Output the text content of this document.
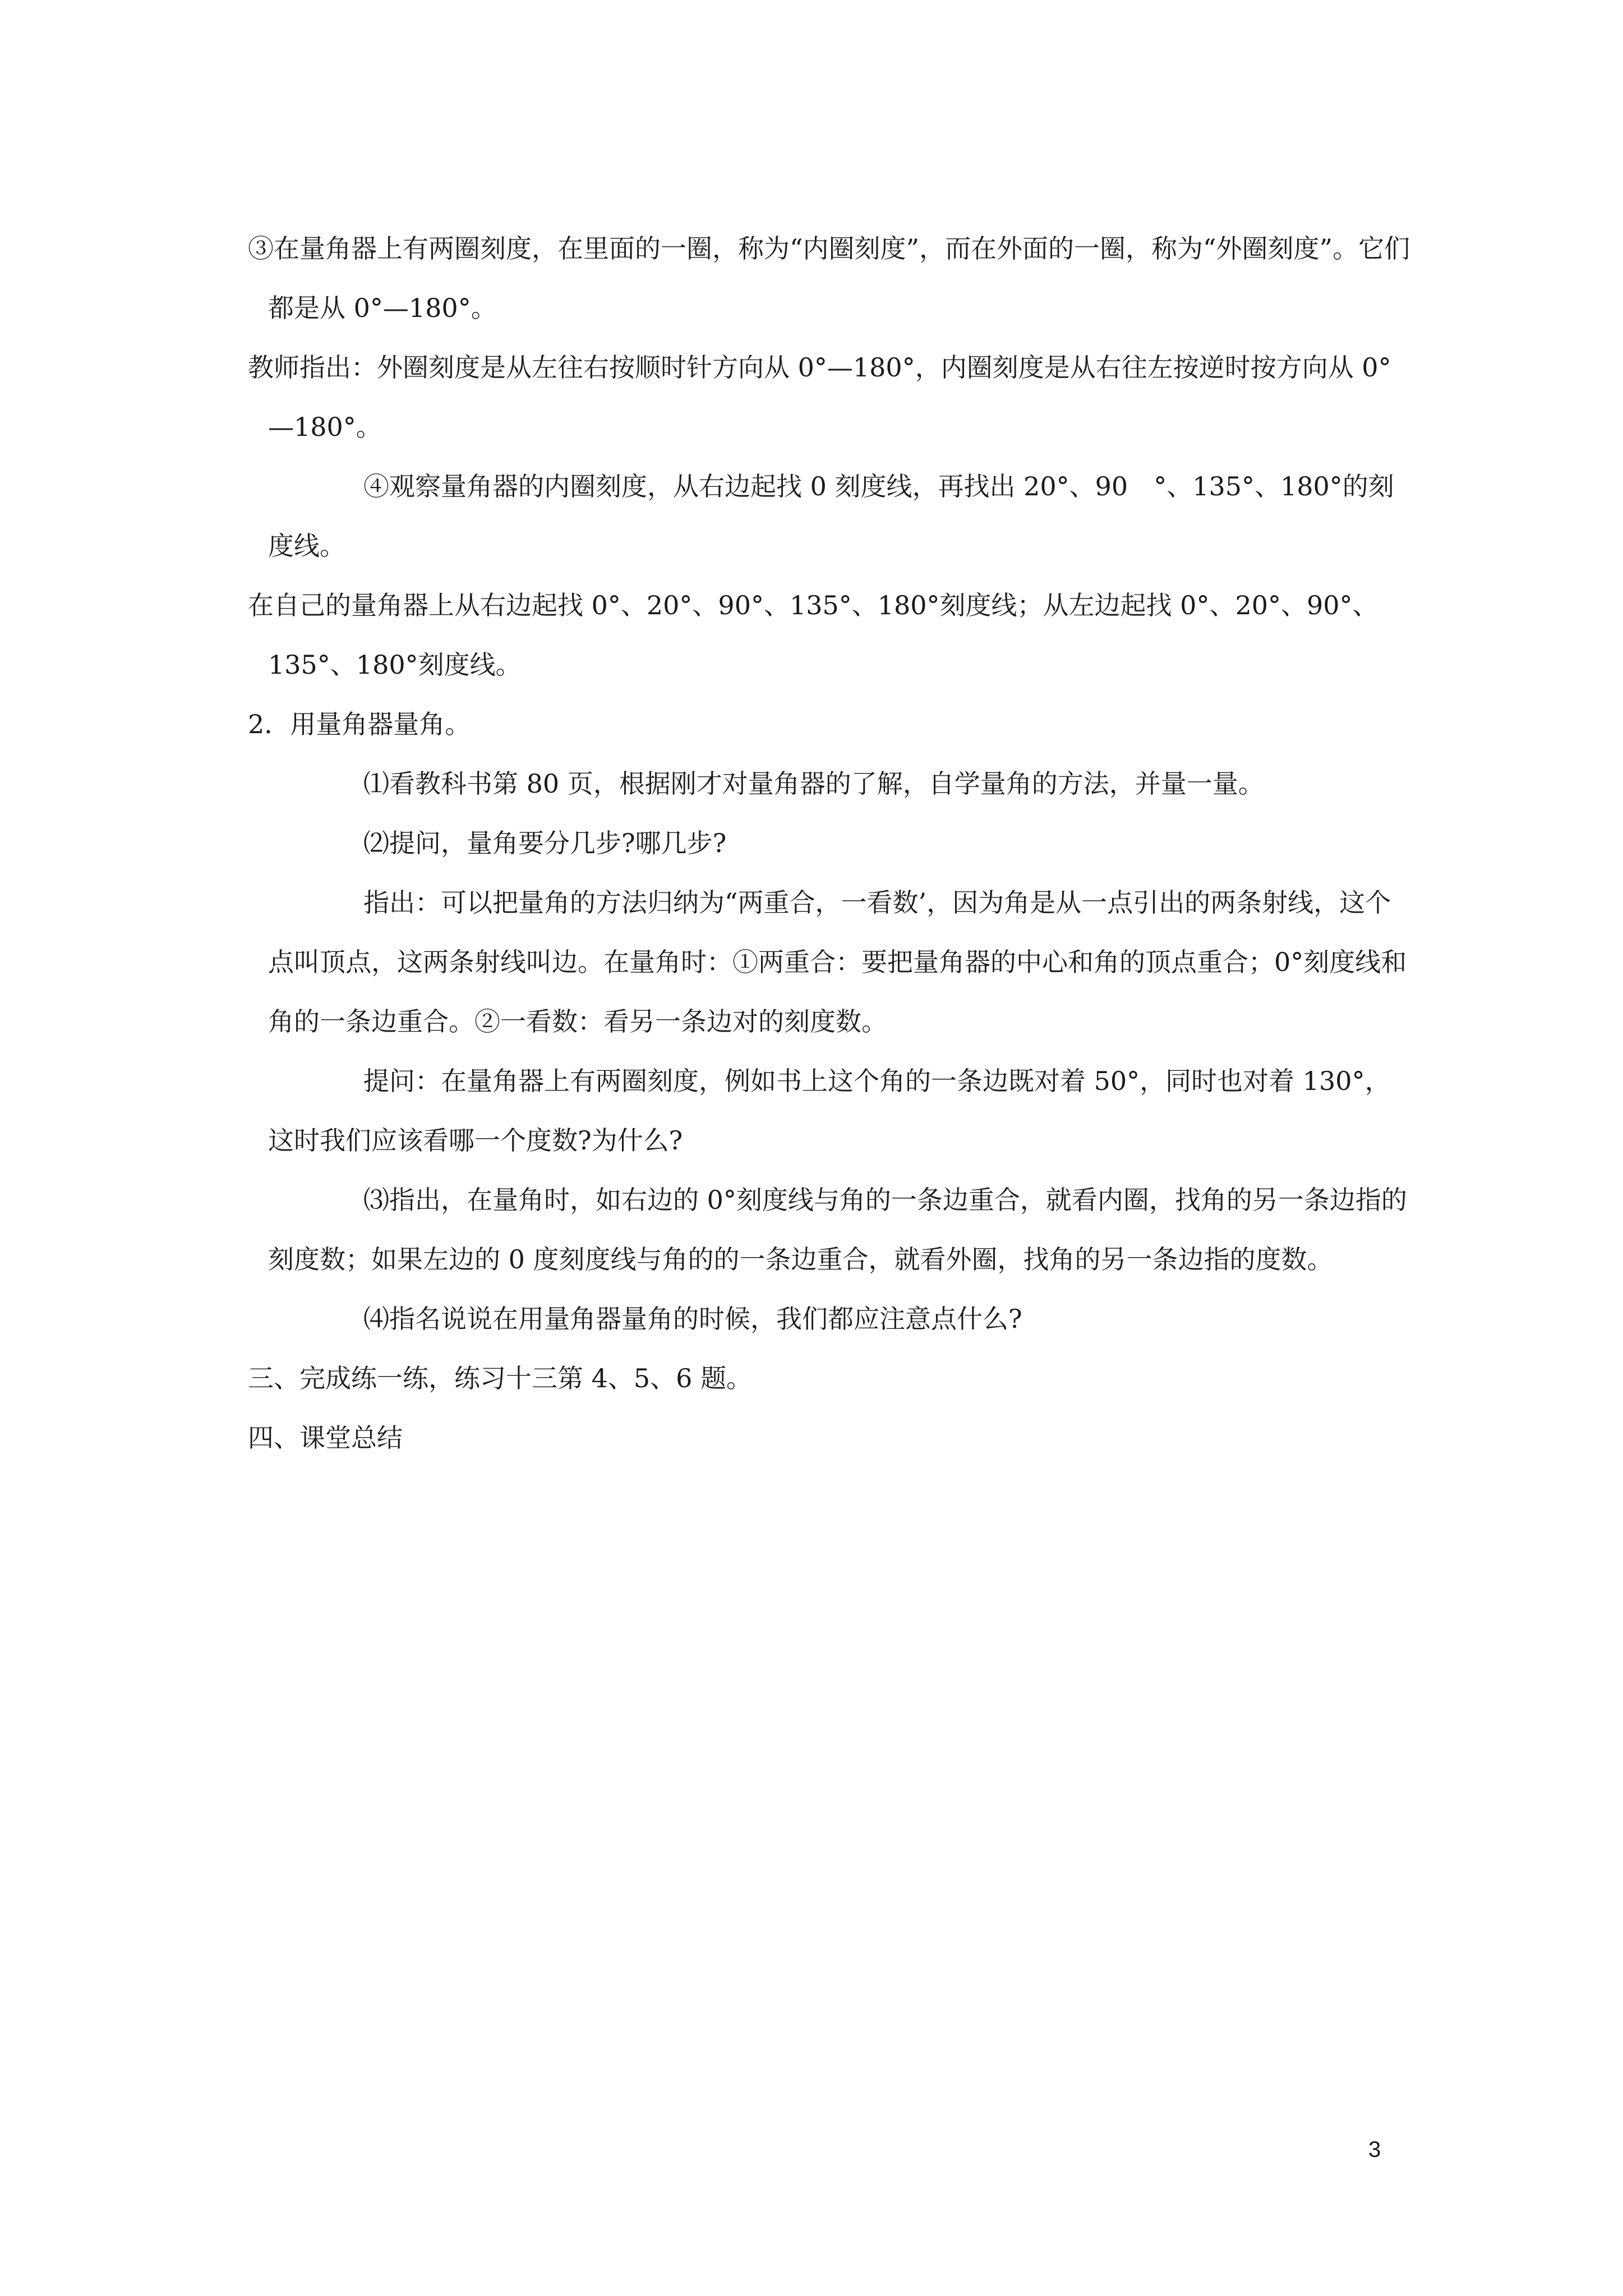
③在量角器上有两圈刻度，在里面的一圈，称为“内圈刻度”，而在外面的一圈，称为“外圈刻度”。它们都是从 0°—180°。

教师指出：外圈刻度是从左往右按顺时针方向从 0°—180°，内圈刻度是从右往左按逆时按方向从 0°—180°。

④观察量角器的内圈刻度，从右边起找 0 刻度线，再找出 20°、90　°、135°、180°的刻度线。

在自己的量角器上从右边起找 0°、20°、90°、135°、180°刻度线；从左边起找 0°、20°、90°、135°、180°刻度线。

2．用量角器量角。

⑴看教科书第 80 页，根据刚才对量角器的了解，自学量角的方法，并量一量。

⑵提问，量角要分几步?哪几步?

指出：可以把量角的方法归纳为“两重合，一看数’，因为角是从一点引出的两条射线，这个点叫顶点，这两条射线叫边。在量角时：①两重合：要把量角器的中心和角的顶点重合；0°刻度线和角的一条边重合。②一看数：看另一条边对的刻度数。

提问：在量角器上有两圈刻度，例如书上这个角的一条边既对着 50°，同时也对着 130°，这时我们应该看哪一个度数?为什么?

⑶指出，在量角时，如右边的 0°刻度线与角的一条边重合，就看内圈，找角的另一条边指的刻度数；如果左边的 0 度刻度线与角的的一条边重合，就看外圈，找角的另一条边指的度数。

⑷指名说说在用量角器量角的时候，我们都应注意点什么?

三、完成练一练，练习十三第 4、5、6 题。

四、课堂总结

3
